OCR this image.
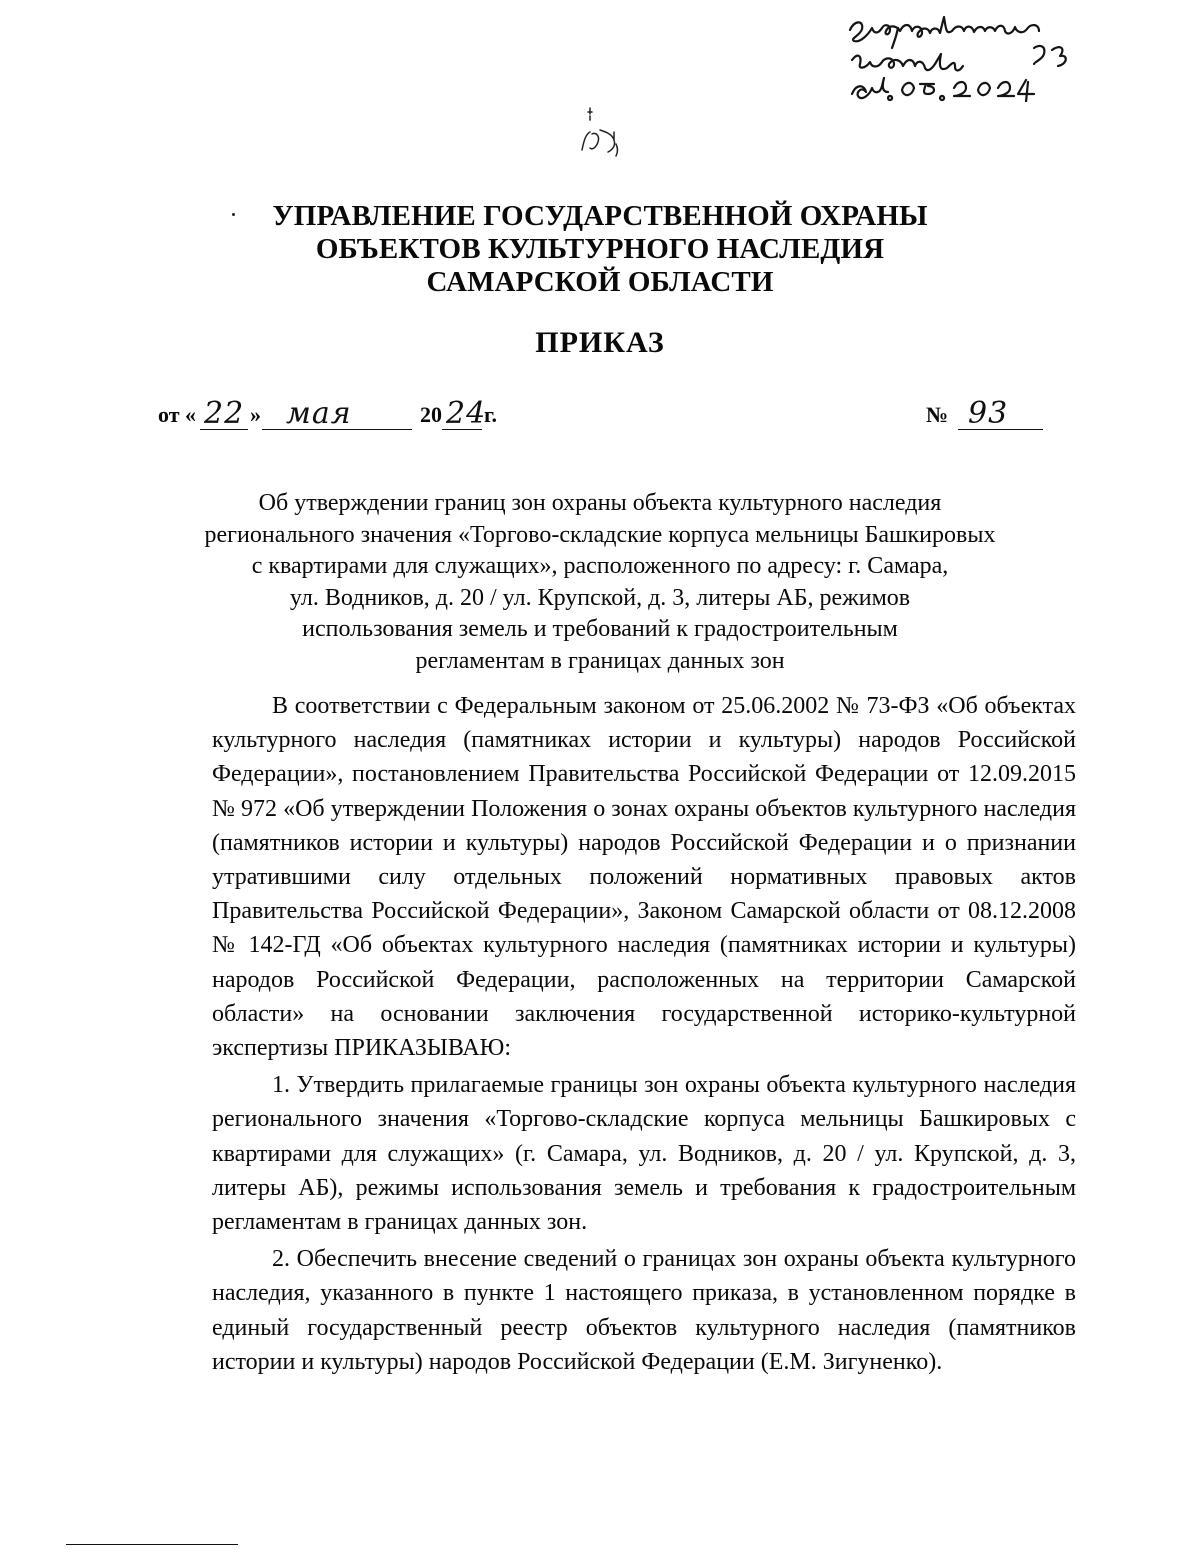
УПРАВЛЕНИЕ ГОСУДАРСТВЕННОЙ ОХРАНЫ
ОБЪЕКТОВ КУЛЬТУРНОГО НАСЛЕДИЯ
САМАРСКОЙ ОБЛАСТИ
ПРИКАЗ
от « 22 » мая	20 24
г.	№ 93
Об утверждении границ зон охраны объекта культурного наследия
регионального значения «Торгово-складские корпуса мельницы Башкировых
с квартирами для служащих», расположенного по адресу: г. Самара,
ул. Водников, д. 20 / ул. Крупской, д. 3, литеры АБ, режимов
использования земель и требований к градостроительным
регламентам в границах данных зон

В соответствии с Федеральным законом от 25.06.2002 № 73-ФЗ «Об объектах культурного наследия (памятниках истории и культуры) народов Российской Федерации», постановлением Правительства Российской Федерации от 12.09.2015 № 972 «Об утверждении Положения о зонах охраны объектов культурного наследия (памятников истории и культуры) народов Российской Федерации и о признании утратившими силу отдельных положений нормативных правовых актов Правительства Российской Федерации», Законом Самарской области от 08.12.2008 № 142-ГД «Об объектах культурного наследия (памятниках истории и культуры) народов Российской Федерации, расположенных на территории Самарской области» на основании заключения государственной историко-культурной экспертизы ПРИКАЗЫВАЮ:

1. Утвердить прилагаемые границы зон охраны объекта культурного наследия регионального значения «Торгово-складские корпуса мельницы Башкировых с квартирами для служащих» (г. Самара, ул. Водников, д. 20 / ул. Крупской, д. 3, литеры АБ), режимы использования земель и требования к градостроительным регламентам в границах данных зон.

2. Обеспечить внесение сведений о границах зон охраны объекта культурного наследия, указанного в пункте 1 настоящего приказа, в установленном порядке в единый государственный реестр объектов культурного наследия (памятников истории и культуры) народов Российской Федерации (Е.М. Зигуненко).
